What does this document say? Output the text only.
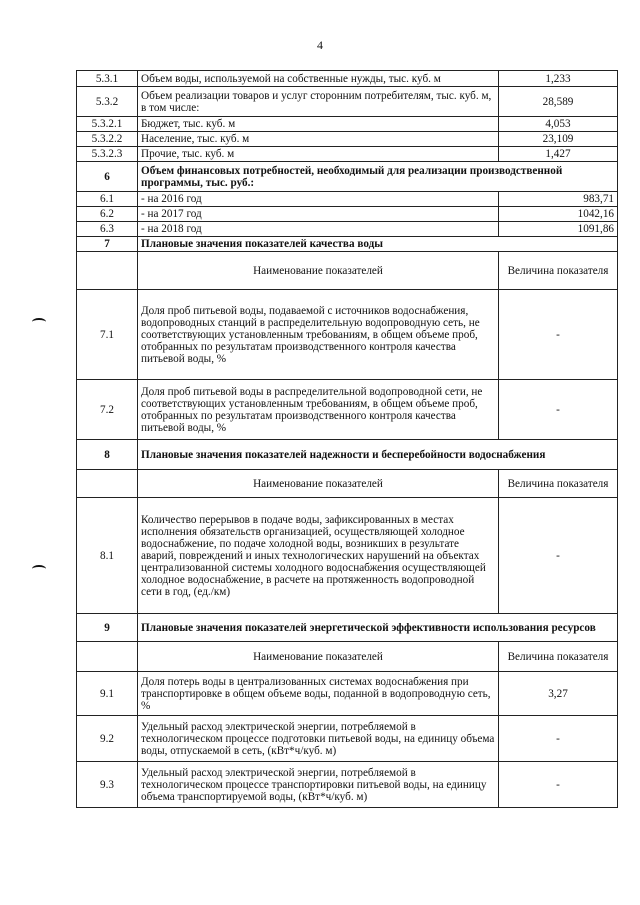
4
5.3.1	Объем воды, используемой на собственные нужды, тыс. куб. м	1,233
5.3.2	Объем реализации товаров и услуг сторонним потребителям, тыс. куб. м, в том числе:	28,589
5.3.2.1	Бюджет, тыс. куб. м	4,053
5.3.2.2	Население, тыс. куб. м	23,109
5.3.2.3	Прочие, тыс. куб. м	1,427
6	Объем финансовых потребностей, необходимый для реализации производственной программы, тыс. руб.:	
6.1	- на 2016 год	983,71
6.2	- на 2017 год	1042,16
6.3	- на 2018 год	1091,86
7	Плановые значения показателей качества воды	
	Наименование показателей	Величина показателя
7.1	Доля проб питьевой воды, подаваемой с источников водоснабжения, водопроводных станций в распределительную водопроводную сеть, не соответствующих установленным требованиям, в общем объеме проб, отобранных по результатам производственного контроля качества питьевой воды, %	-
7.2	Доля проб питьевой воды в распределительной водопроводной сети, не соответствующих установленным требованиям, в общем объеме проб, отобранных по результатам производственного контроля качества питьевой воды, %	-
8	Плановые значения показателей надежности и бесперебойности водоснабжения	
	Наименование показателей	Величина показателя
8.1	Количество перерывов в подаче воды, зафиксированных в местах исполнения обязательств организацией, осуществляющей холодное водоснабжение, по подаче холодной воды, возникших в результате аварий, повреждений и иных технологических нарушений на объектах централизованной системы холодного водоснабжения осуществляющей холодное водоснабжение, в расчете на протяженность водопроводной сети в год, (ед./км)	-
9	Плановые значения показателей энергетической эффективности использования ресурсов	
	Наименование показателей	Величина показателя
9.1	Доля потерь воды в централизованных системах водоснабжения при транспортировке в общем объеме воды, поданной в водопроводную сеть, %	3,27
9.2	Удельный расход электрической энергии, потребляемой в технологическом процессе подготовки питьевой воды, на единицу объема воды, отпускаемой в сеть, (кВт*ч/куб. м)	-
9.3	Удельный расход электрической энергии, потребляемой в технологическом процессе транспортировки питьевой воды, на единицу объема транспортируемой воды, (кВт*ч/куб. м)	-
